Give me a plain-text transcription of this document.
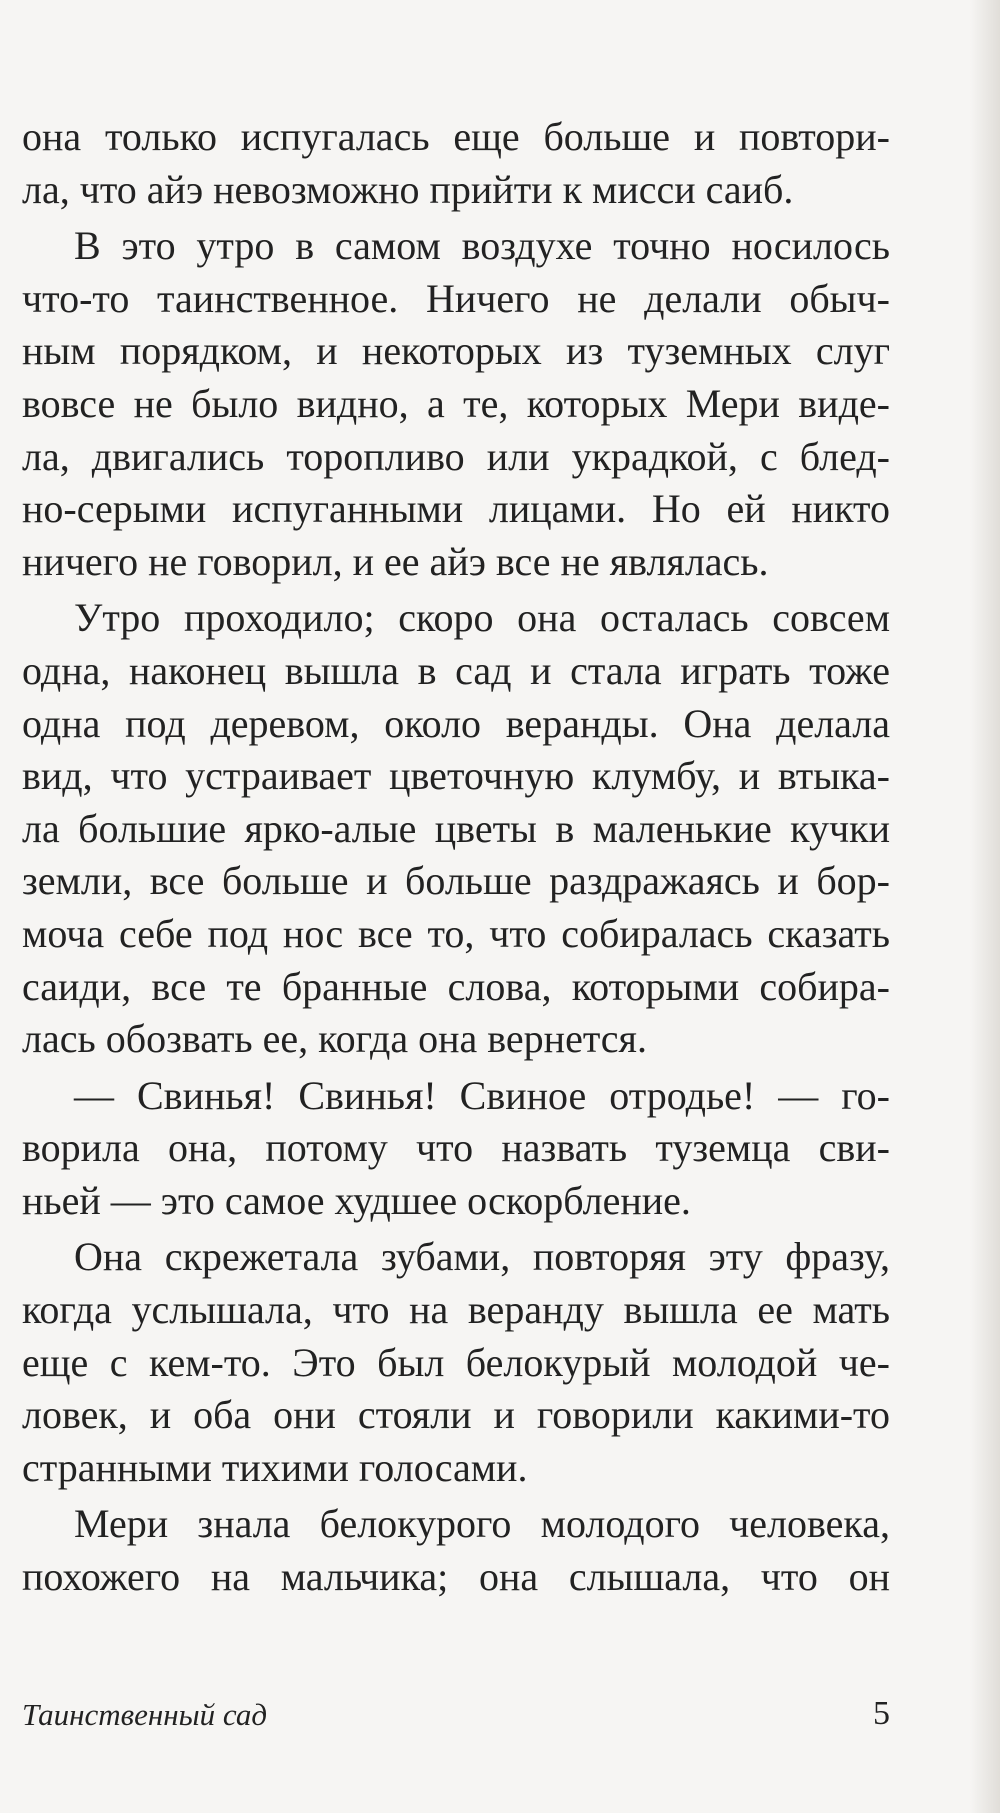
она только испугалась еще больше и повтори-
ла, что айэ невозможно прийти к мисси саиб.

В это утро в самом воздухе точно носилось
что-то таинственное. Ничего не делали обыч-
ным порядком, и некоторых из туземных слуг
вовсе не было видно, а те, которых Мери виде-
ла, двигались торопливо или украдкой, с блед-
но-серыми испуганными лицами. Но ей никто
ничего не говорил, и ее айэ все не являлась.

Утро проходило; скоро она осталась совсем
одна, наконец вышла в сад и стала играть тоже
одна под деревом, около веранды. Она делала
вид, что устраивает цветочную клумбу, и втыка-
ла большие ярко-алые цветы в маленькие кучки
земли, все больше и больше раздражаясь и бор-
моча себе под нос все то, что собиралась сказать
саиди, все те бранные слова, которыми собира-
лась обозвать ее, когда она вернется.

— Свинья! Свинья! Свиное отродье! — го-
ворила она, потому что назвать туземца сви-
ньей — это самое худшее оскорбление.

Она скрежетала зубами, повторяя эту фразу,
когда услышала, что на веранду вышла ее мать
еще с кем-то. Это был белокурый молодой че-
ловек, и оба они стояли и говорили какими-то
странными тихими голосами.

Мери знала белокурого молодого человека,
похожего на мальчика; она слышала, что он

Таинственный сад	5
